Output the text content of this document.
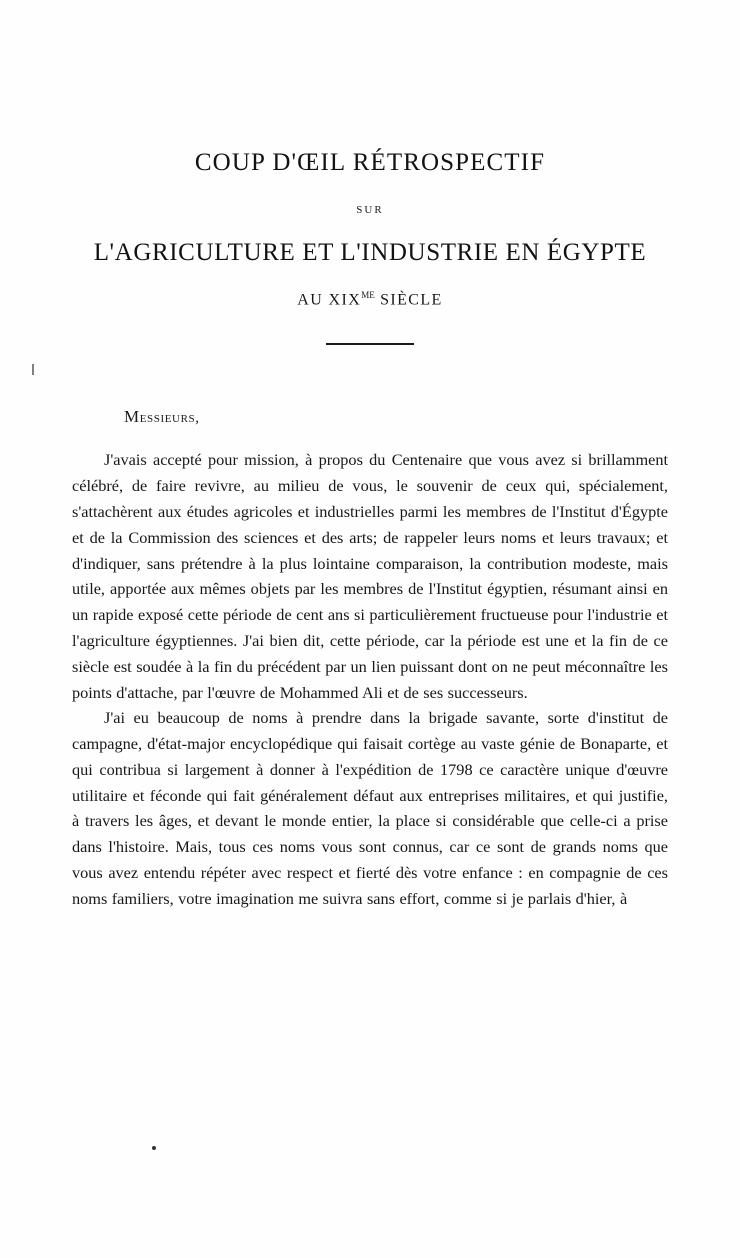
COUP D'ŒIL RÉTROSPECTIF
SUR
L'AGRICULTURE ET L'INDUSTRIE EN ÉGYPTE
AU $XIX^{ME}$ SIÈCLE
Messieurs,

J'avais accepté pour mission, à propos du Centenaire que vous avez si brillamment célébré, de faire revivre, au milieu de vous, le souvenir de ceux qui, spécialement, s'attachèrent aux études agricoles et industrielles parmi les membres de l'Institut d'Égypte et de la Commission des sciences et des arts; de rappeler leurs noms et leurs travaux; et d'indiquer, sans prétendre à la plus lointaine comparaison, la contribution modeste, mais utile, apportée aux mêmes objets par les membres de l'Institut égyptien, résumant ainsi en un rapide exposé cette période de cent ans si particulièrement fructueuse pour l'industrie et l'agriculture égyptiennes. J'ai bien dit, cette période, car la période est une et la fin de ce siècle est soudée à la fin du précédent par un lien puissant dont on ne peut méconnaître les points d'attache, par l'œuvre de Mohammed Ali et de ses successeurs.

J'ai eu beaucoup de noms à prendre dans la brigade savante, sorte d'institut de campagne, d'état-major encyclopédique qui faisait cortège au vaste génie de Bonaparte, et qui contribua si largement à donner à l'expédition de 1798 ce caractère unique d'œuvre utilitaire et féconde qui fait généralement défaut aux entreprises militaires, et qui justifie, à travers les âges, et devant le monde entier, la place si considérable que celle-ci a prise dans l'histoire. Mais, tous ces noms vous sont connus, car ce sont de grands noms que vous avez entendu répéter avec respect et fierté dès votre enfance : en compagnie de ces noms familiers, votre imagination me suivra sans effort, comme si je parlais d'hier, à
